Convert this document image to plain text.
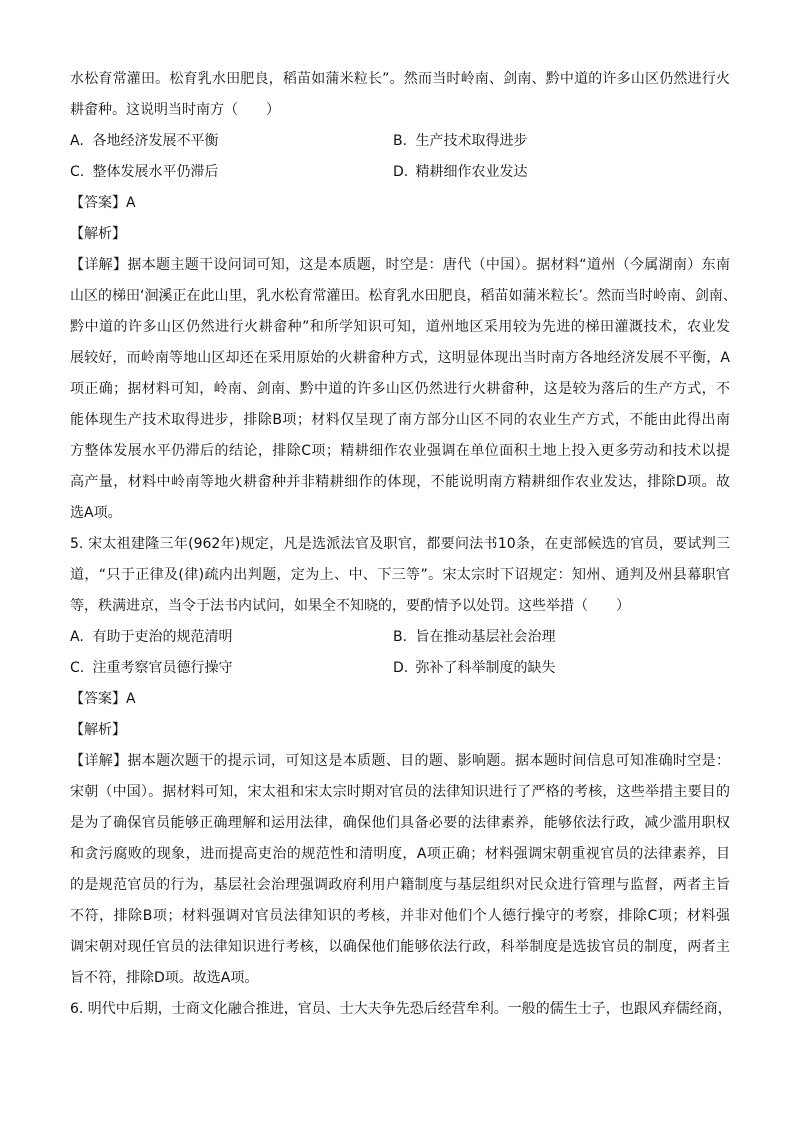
水松育常灌田。松育乳水田肥良，稻苗如蒲米粒长”。然而当时岭南、剑南、黔中道的许多山区仍然进行火

耕畲种。这说明当时南方（　　）

A. 各地经济发展不平衡	B. 生产技术取得进步
C. 整体发展水平仍滞后	D. 精耕细作农业发达

【答案】A

【解析】

【详解】据本题主题干设问词可知，这是本质题，时空是：唐代（中国）。据材料“道州（今属湖南）东南

山区的梯田‘洄溪正在此山里，乳水松育常灌田。松育乳水田肥良，稻苗如蒲米粒长’。然而当时岭南、剑南、

黔中道的许多山区仍然进行火耕畲种”和所学知识可知，道州地区采用较为先进的梯田灌溉技术，农业发

展较好，而岭南等地山区却还在采用原始的火耕畲种方式，这明显体现出当时南方各地经济发展不平衡，A

项正确；据材料可知，岭南、剑南、黔中道的许多山区仍然进行火耕畲种，这是较为落后的生产方式，不

能体现生产技术取得进步，排除B项；材料仅呈现了南方部分山区不同的农业生产方式，不能由此得出南

方整体发展水平仍滞后的结论，排除C项；精耕细作农业强调在单位面积土地上投入更多劳动和技术以提

高产量，材料中岭南等地火耕畲种并非精耕细作的体现，不能说明南方精耕细作农业发达，排除D项。故

选A项。

5. 宋太祖建隆三年(962年)规定，凡是选派法官及职官，都要问法书10条，在吏部候选的官员，要试判三

道，“只于正律及(律)疏内出判题，定为上、中、下三等”。宋太宗时下诏规定：知州、通判及州县幕职官

等，秩满进京，当令于法书内试问，如果全不知晓的，要酌情予以处罚。这些举措（　　）

A. 有助于吏治的规范清明	B. 旨在推动基层社会治理
C. 注重考察官员德行操守	D. 弥补了科举制度的缺失

【答案】A

【解析】

【详解】据本题次题干的提示词，可知这是本质题、目的题、影响题。据本题时间信息可知准确时空是：

宋朝（中国）。据材料可知，宋太祖和宋太宗时期对官员的法律知识进行了严格的考核，这些举措主要目的

是为了确保官员能够正确理解和运用法律，确保他们具备必要的法律素养，能够依法行政，减少滥用职权

和贪污腐败的现象，进而提高吏治的规范性和清明度，A项正确；材料强调宋朝重视官员的法律素养，目

的是规范官员的行为，基层社会治理强调政府利用户籍制度与基层组织对民众进行管理与监督，两者主旨

不符，排除B项；材料强调对官员法律知识的考核，并非对他们个人德行操守的考察，排除C项；材料强

调宋朝对现任官员的法律知识进行考核，以确保他们能够依法行政，科举制度是选拔官员的制度，两者主

旨不符，排除D项。故选A项。

6. 明代中后期，士商文化融合推进，官员、士大夫争先恐后经营牟利。一般的儒生士子，也跟风弃儒经商，
